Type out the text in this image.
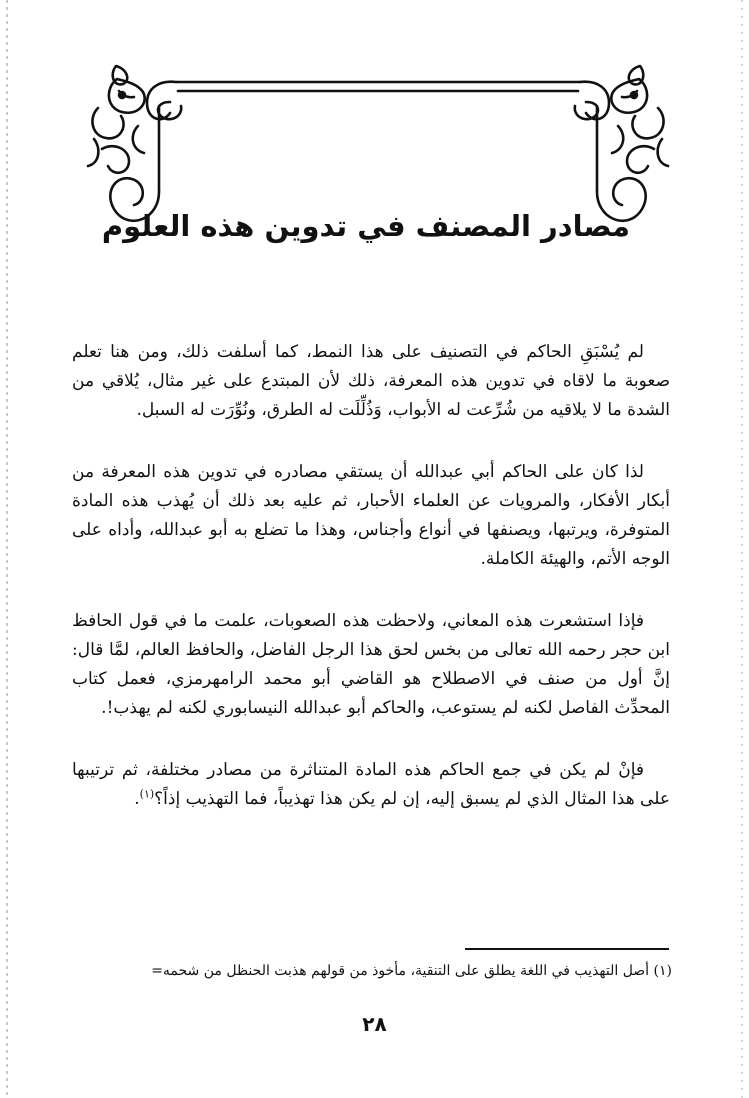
مصادر المصنف في تدوين هذه العلوم

لم يُسْبَقِ الحاكم في التصنيف على هذا النمط، كما أسلفت ذلك، ومن هنا تعلم صعوبة ما لاقاه في تدوين هذه المعرفة، ذلك لأن المبتدع على غير مثال، يُلاقي من الشدة ما لا يلاقيه من شُرِّعت له الأبواب، وَذُلِّلَت له الطرق، ونُوِّرَت له السبل.

لذا كان على الحاكم أبي عبدالله أن يستقي مصادره في تدوين هذه المعرفة من أبكار الأفكار، والمرويات عن العلماء الأحبار، ثم عليه بعد ذلك أن يُهذب هذه المادة المتوفرة، ويرتبها، ويصنفها في أنواع وأجناس، وهذا ما تضلع به أبو عبدالله، وأداه على الوجه الأتم، والهيئة الكاملة.

فإذا استشعرت هذه المعاني، ولاحظت هذه الصعوبات، علمت ما في قول الحافظ ابن حجر رحمه الله تعالى من بخس لحق هذا الرجل الفاضل، والحافظ العالم، لمَّا قال: إنَّ أول من صنف في الاصطلاح هو القاضي أبو محمد الرامهرمزي، فعمل كتاب المحدِّث الفاصل لكنه لم يستوعب، والحاكم أبو عبدالله النيسابوري لكنه لم يهذب!.

فإنْ لم يكن في جمع الحاكم هذه المادة المتناثرة من مصادر مختلفة، ثم ترتيبها على هذا المثال الذي لم يسبق إليه، إن لم يكن هذا تهذيباً، فما التهذيب إذاً؟$^{(١)}$.

(١) أصل التهذيب في اللغة يطلق على التنقية، مأخوذ من قولهم هذبت الحنظل من شحمه=

٢٨
